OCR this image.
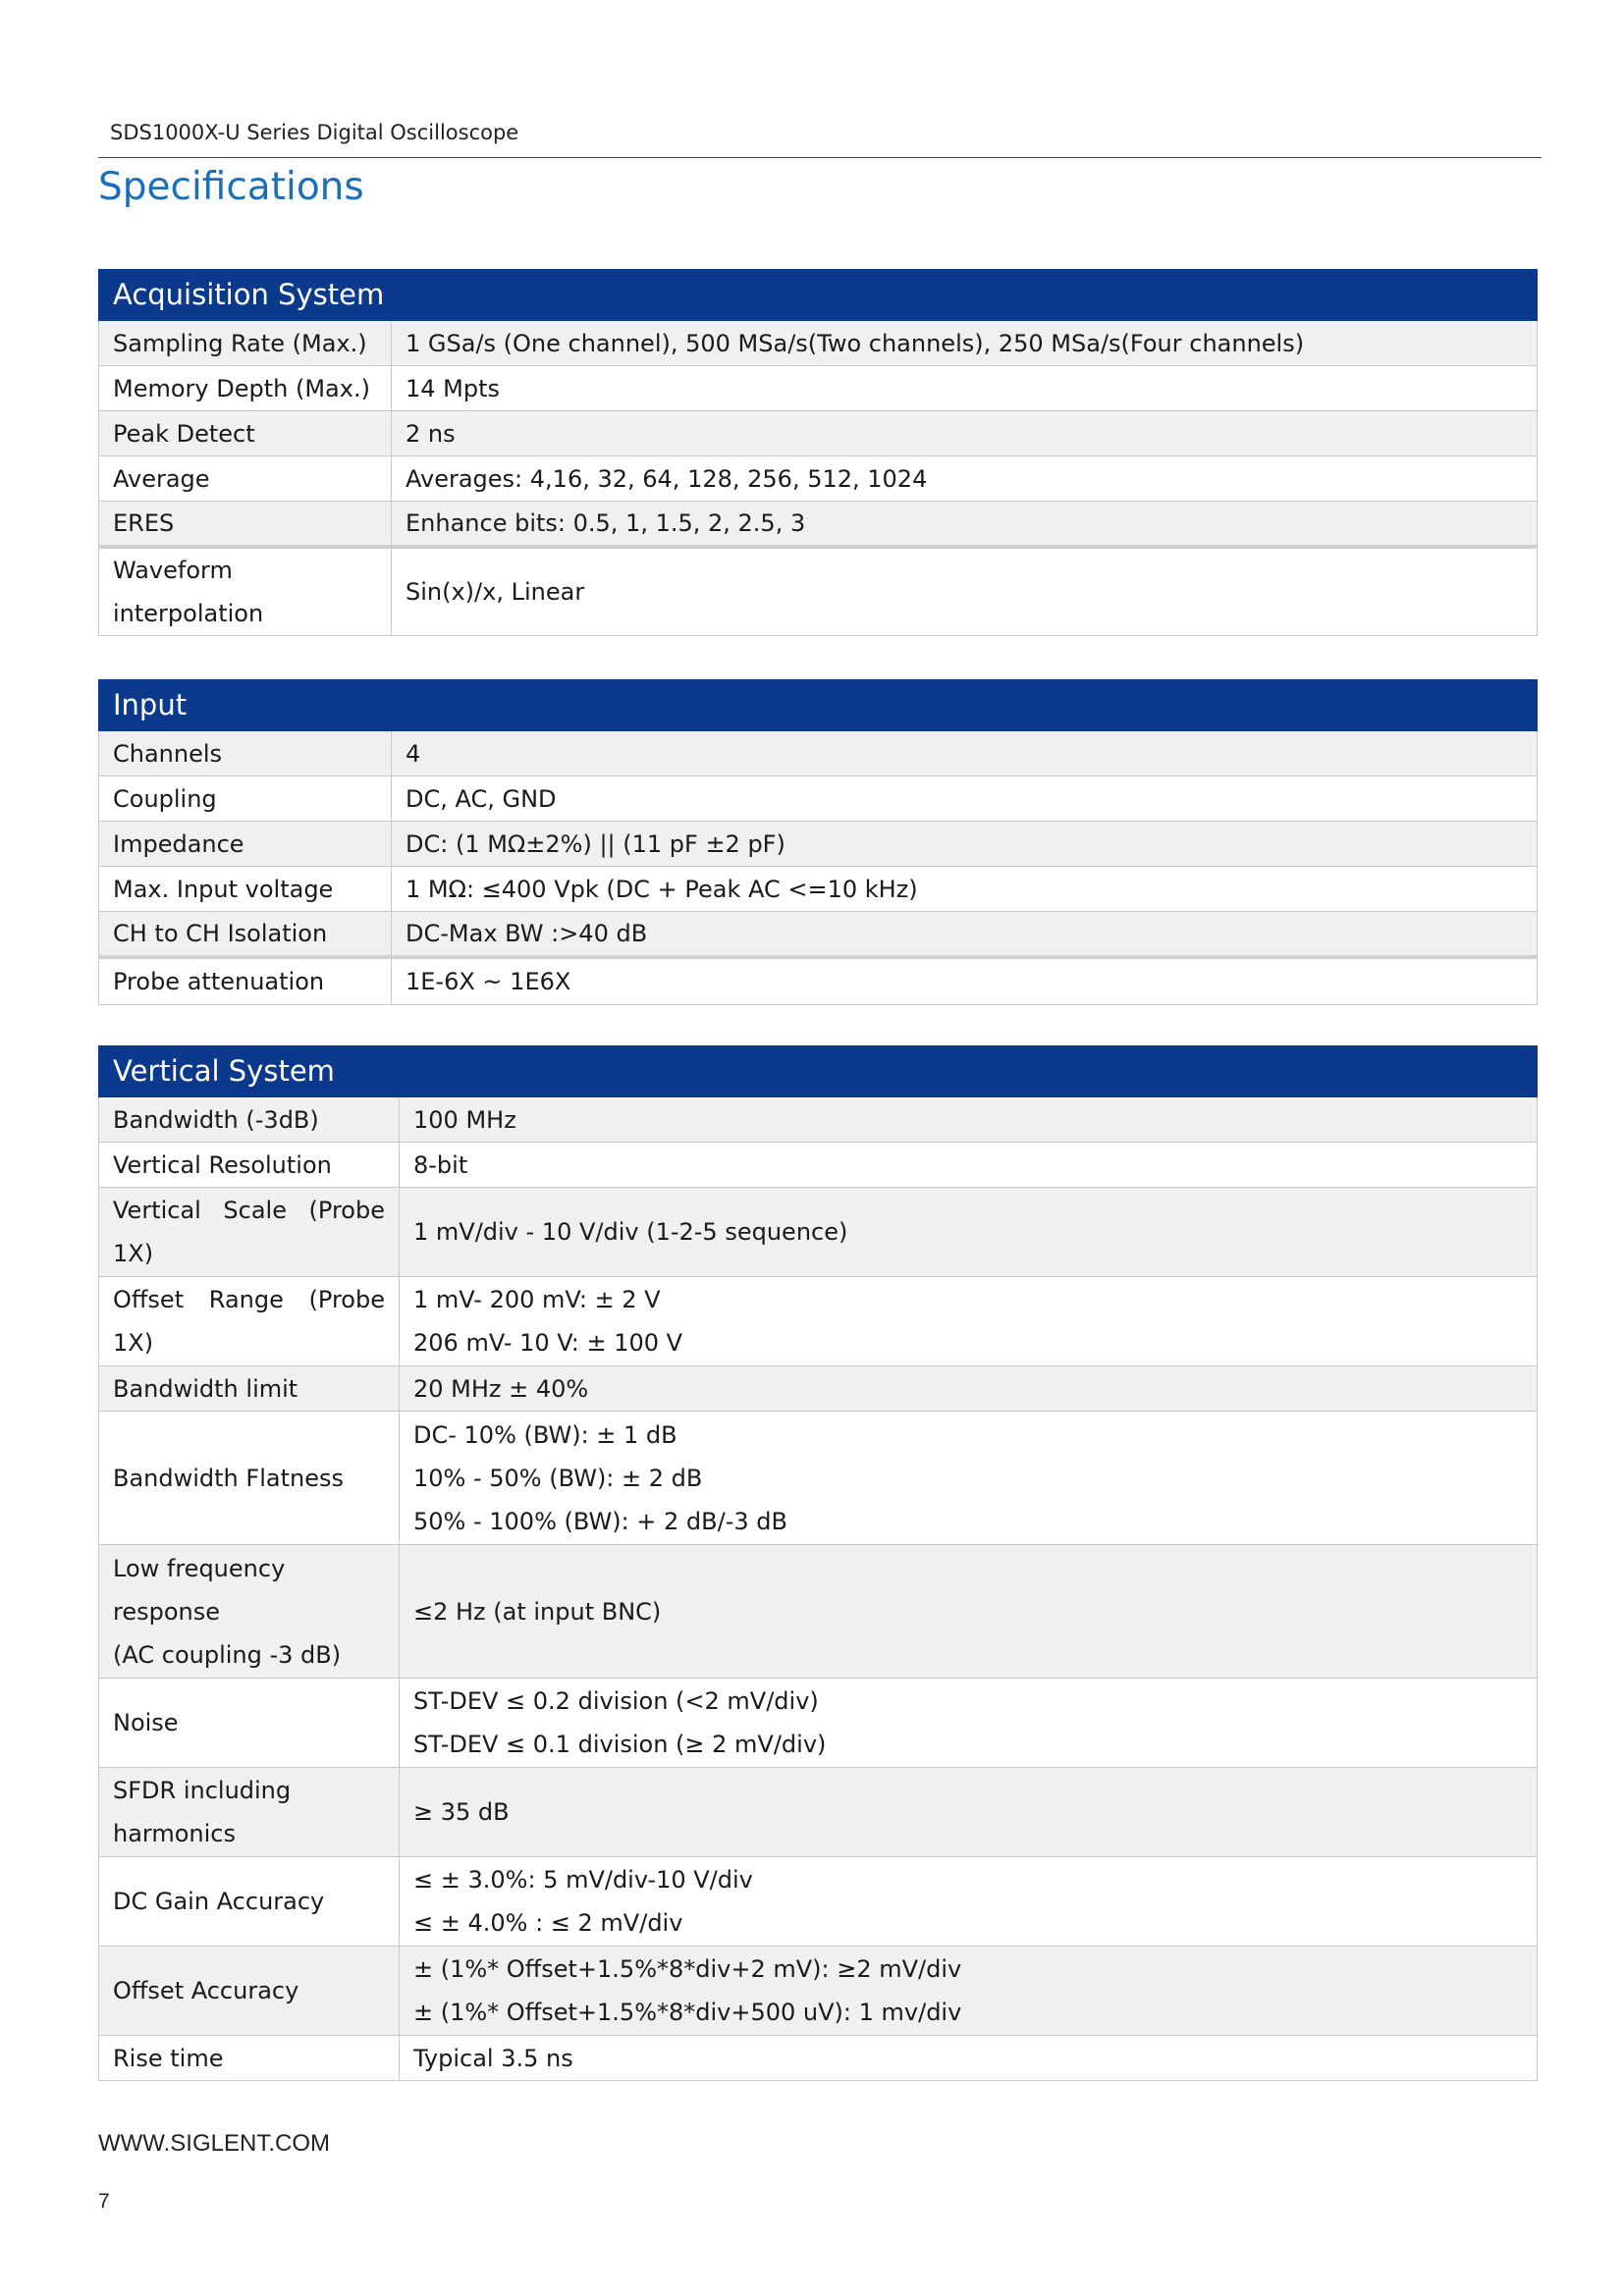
SDS1000X-U Series Digital Oscilloscope
Specifications
Acquisition System	
Sampling Rate (Max.)	1 GSa/s (One channel), 500 MSa/s(Two channels), 250 MSa/s(Four channels)
Memory Depth (Max.)	14 Mpts
Peak Detect	2 ns
Average	Averages: 4,16, 32, 64, 128, 256, 512, 1024
ERES	Enhance bits: 0.5, 1, 1.5, 2, 2.5, 3
Waveform interpolation	Sin(x)/x, Linear
Input	
Channels	4
Coupling	DC, AC, GND
Impedance	DC: (1 MΩ±2%) || (11 pF ±2 pF)
Max. Input voltage	1 MΩ: ≤400 Vpk (DC + Peak AC <=10 kHz)
CH to CH Isolation	DC-Max BW :>40 dB
Probe attenuation	1E-6X ~ 1E6X
Vertical System	
Bandwidth (-3dB)	100 MHz
Vertical Resolution	8-bit
Vertical Scale (Probe 1X)	1 mV/div - 10 V/div (1-2-5 sequence)
Offset Range (Probe 1X)	1 mV- 200 mV: ± 2 V
206 mV- 10 V: ± 100 V

Bandwidth limit	20 MHz ± 40%
Bandwidth Flatness	DC- 10% (BW): ± 1 dB
10% - 50% (BW): ± 2 dB
50% - 100% (BW): + 2 dB/-3 dB

Low frequency
response
(AC coupling -3 dB)	≤2 Hz (at input BNC)
Noise	ST-DEV ≤ 0.2 division (<2 mV/div)
ST-DEV ≤ 0.1 division (≥ 2 mV/div)

SFDR including harmonics	≥ 35 dB
DC Gain Accuracy	≤ ± 3.0%: 5 mV/div-10 V/div
≤ ± 4.0% : ≤ 2 mV/div

Offset Accuracy	± (1%* Offset+1.5%*8*div+2 mV): ≥2 mV/div
± (1%* Offset+1.5%*8*div+500 uV): 1 mv/div

Rise time	Typical 3.5 ns
WWW.SIGLENT.COM
7
